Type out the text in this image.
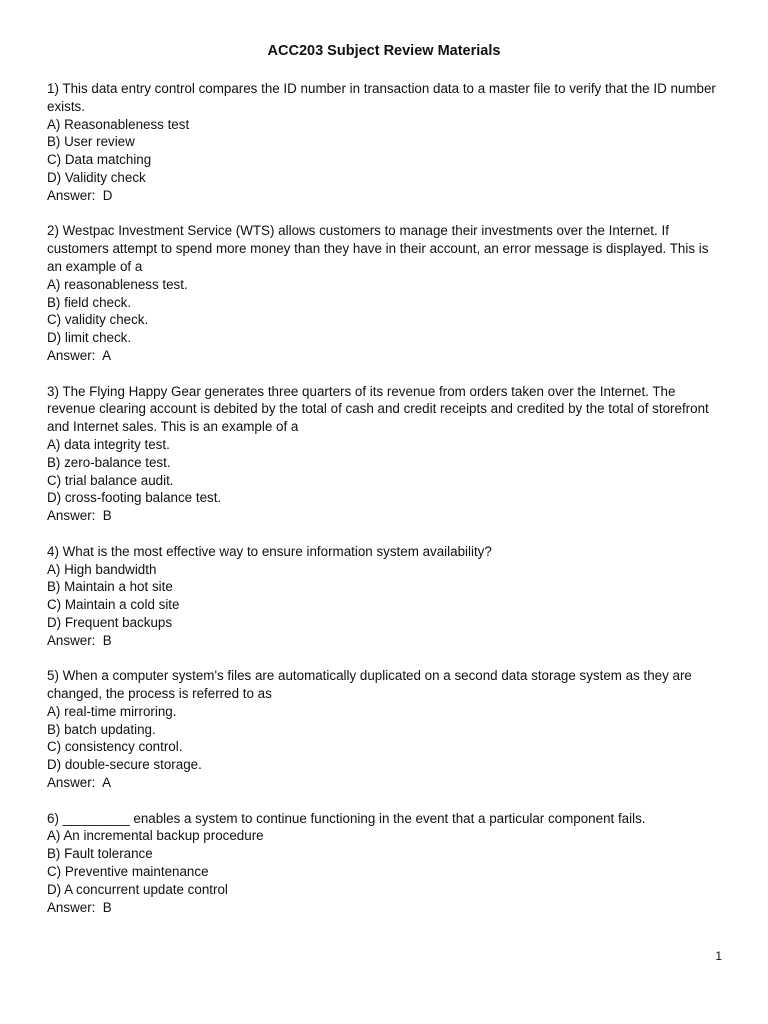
ACC203 Subject Review Materials
1) This data entry control compares the ID number in transaction data to a master file to verify that the ID number exists.
A) Reasonableness test
B) User review
C) Data matching
D) Validity check
Answer:  D
2) Westpac Investment Service (WTS) allows customers to manage their investments over the Internet. If customers attempt to spend more money than they have in their account, an error message is displayed. This is an example of a
A) reasonableness test.
B) field check.
C) validity check.
D) limit check.
Answer:  A
3) The Flying Happy Gear generates three quarters of its revenue from orders taken over the Internet. The revenue clearing account is debited by the total of cash and credit receipts and credited by the total of storefront and Internet sales. This is an example of a
A) data integrity test.
B) zero-balance test.
C) trial balance audit.
D) cross-footing balance test.
Answer:  B
4) What is the most effective way to ensure information system availability?
A) High bandwidth
B) Maintain a hot site
C) Maintain a cold site
D) Frequent backups
Answer:  B
5) When a computer system's files are automatically duplicated on a second data storage system as they are changed, the process is referred to as
A) real-time mirroring.
B) batch updating.
C) consistency control.
D) double-secure storage.
Answer:  A
6) _________ enables a system to continue functioning in the event that a particular component fails.
A) An incremental backup procedure
B) Fault tolerance
C) Preventive maintenance
D) A concurrent update control
Answer:  B
1
